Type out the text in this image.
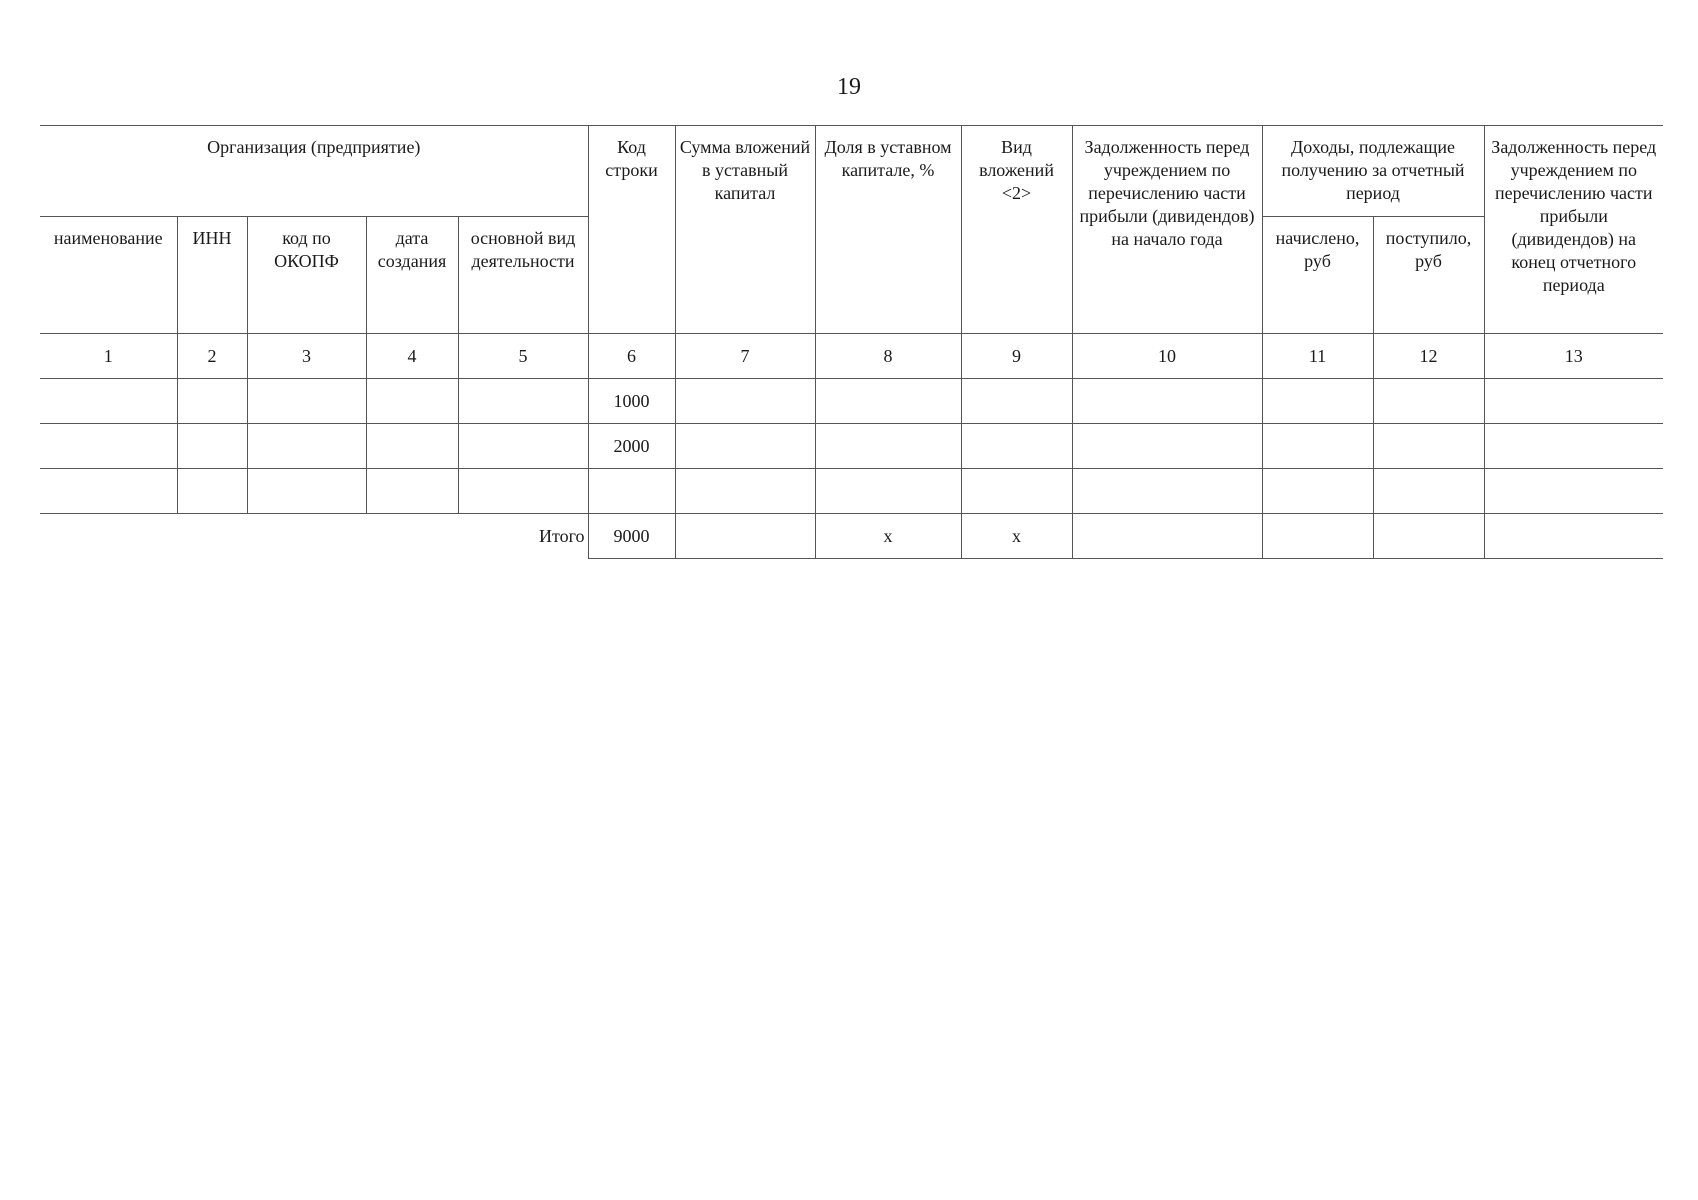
19
Организация (предприятие)					Код строки	Сумма вложений в уставный капитал	Доля в уставном капитале, %	Вид вложений <2>	Задолженность перед учреждением по перечислению части прибыли (дивидендов) на начало года	Доходы, подлежащие получению за отчетный период		Задолженность перед учреждением по перечислению части прибыли (дивидендов) на конец отчетного периода
наименование	ИНН	код по ОКОПФ	дата создания	основной вид деятельности						начислено, руб	поступило, руб	
1	2	3	4	5	6	7	8	9	10	11	12	13
					1000							
					2000							

Итого					9000		x	x				
